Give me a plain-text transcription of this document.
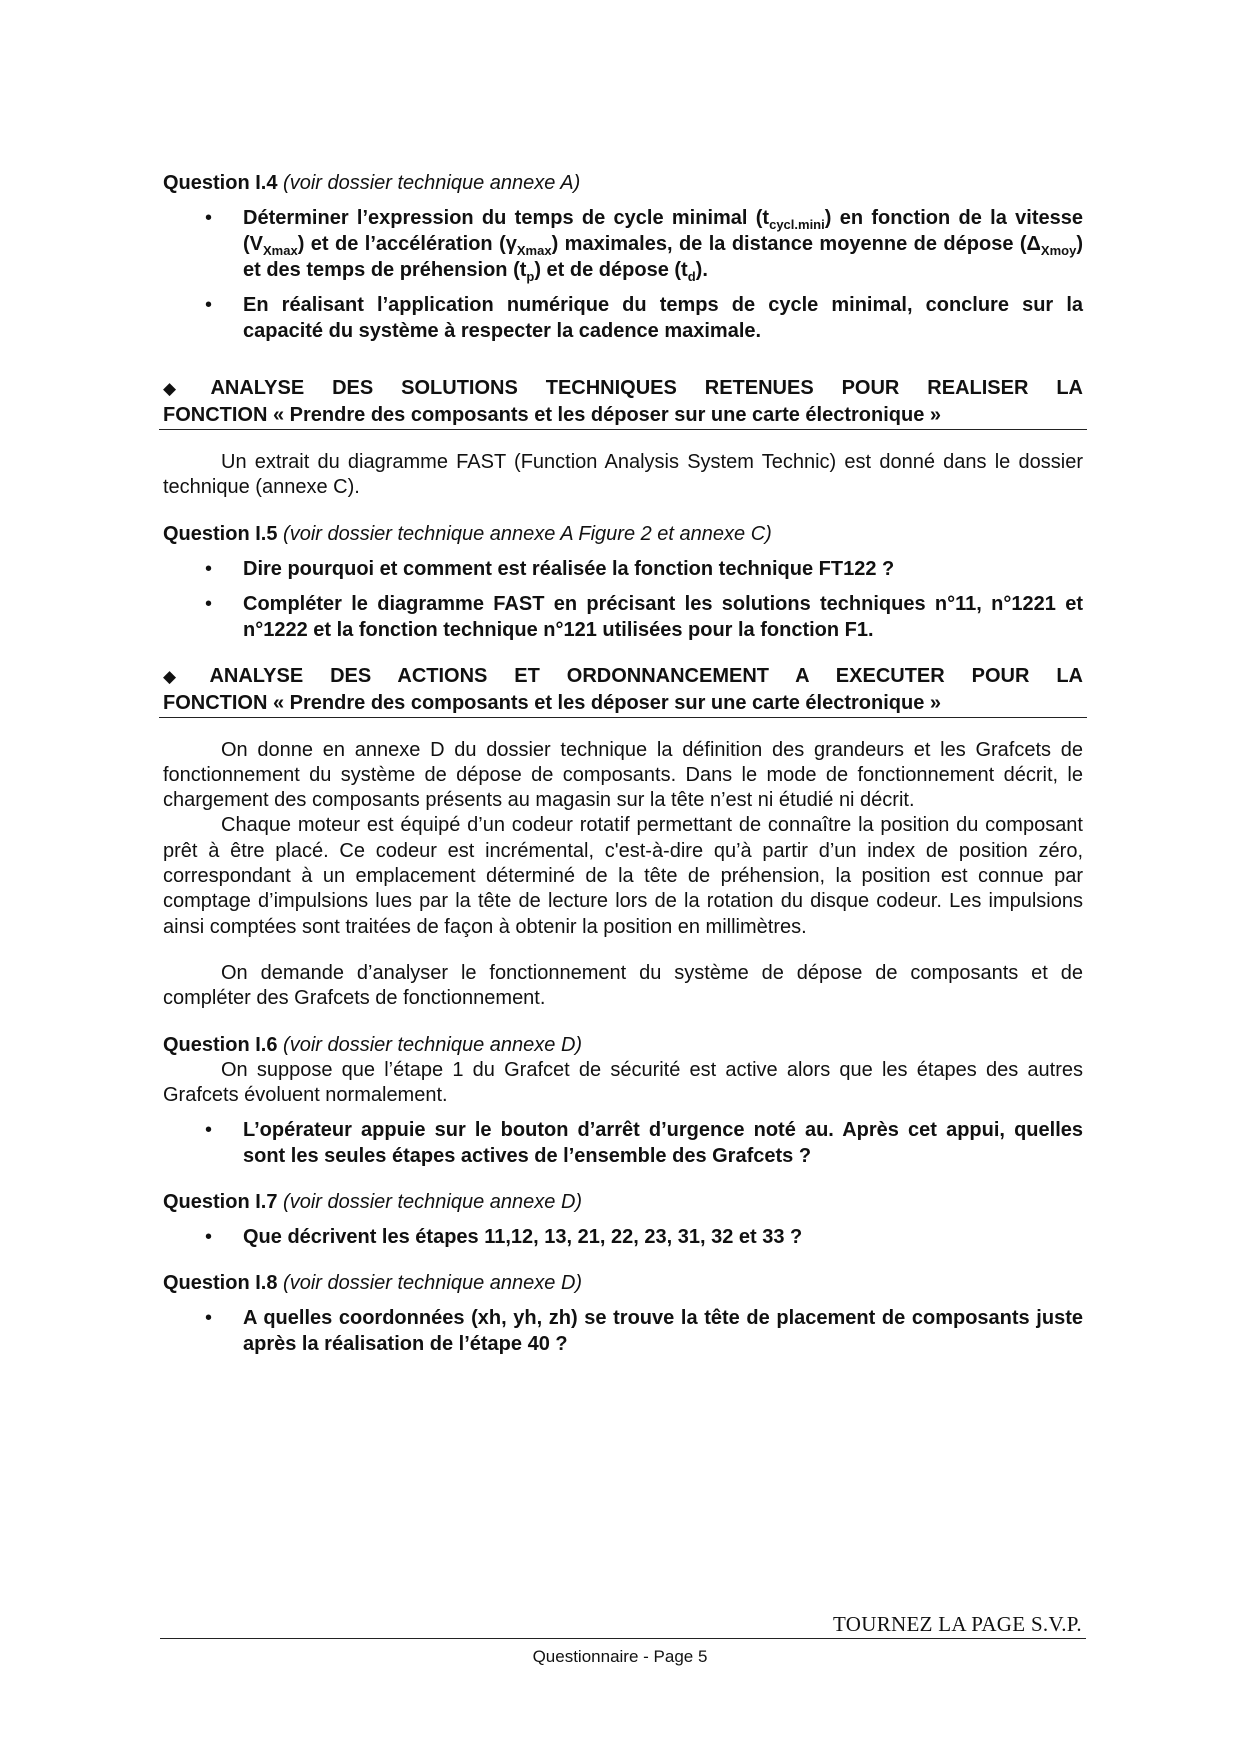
Question I.4 (voir dossier technique annexe A)

• Déterminer l’expression du temps de cycle minimal $(t_{cycl.mini})$ en fonction de la vitesse $(V_{Xmax})$ et de l’accélération $(\gamma_{Xmax})$ maximales, de la distance moyenne de dépose $(\Delta_{Xmoy})$ et des temps de préhension $(t_p)$ et de dépose $(t_d)$.
• En réalisant l’application numérique du temps de cycle minimal, conclure sur la capacité du système à respecter la cadence maximale.

◆ ANALYSE DES SOLUTIONS TECHNIQUES RETENUES POUR REALISER LA

FONCTION « Prendre des composants et les déposer sur une carte électronique »

Un extrait du diagramme FAST (Function Analysis System Technic) est donné dans le dossier technique (annexe C).

Question I.5 (voir dossier technique annexe A Figure 2 et annexe C)

• Dire pourquoi et comment est réalisée la fonction technique FT122 ?
• Compléter le diagramme FAST en précisant les solutions techniques n°11, n°1221 et n°1222 et la fonction technique n°121 utilisées pour la fonction F1.

◆ ANALYSE DES ACTIONS ET ORDONNANCEMENT A EXECUTER POUR LA

FONCTION « Prendre des composants et les déposer sur une carte électronique »

On donne en annexe D du dossier technique la définition des grandeurs et les Grafcets de fonctionnement du système de dépose de composants. Dans le mode de fonctionnement décrit, le chargement des composants présents au magasin sur la tête n’est ni étudié ni décrit.

Chaque moteur est équipé d’un codeur rotatif permettant de connaître la position du composant prêt à être placé. Ce codeur est incrémental, c'est-à-dire qu’à partir d’un index de position zéro, correspondant à un emplacement déterminé de la tête de préhension, la position est connue par comptage d’impulsions lues par la tête de lecture lors de la rotation du disque codeur. Les impulsions ainsi comptées sont traitées de façon à obtenir la position en millimètres.

On demande d’analyser le fonctionnement du système de dépose de composants et de compléter des Grafcets de fonctionnement.

Question I.6 (voir dossier technique annexe D)

On suppose que l’étape 1 du Grafcet de sécurité est active alors que les étapes des autres Grafcets évoluent normalement.

• L’opérateur appuie sur le bouton d’arrêt d’urgence noté au. Après cet appui, quelles sont les seules étapes actives de l’ensemble des Grafcets ?

Question I.7 (voir dossier technique annexe D)

• Que décrivent les étapes 11,12, 13, 21, 22, 23, 31, 32 et 33 ?

Question I.8 (voir dossier technique annexe D)

• A quelles coordonnées (xh, yh, zh) se trouve la tête de placement de composants juste après la réalisation de l’étape 40 ?
TOURNEZ LA PAGE S.V.P.
Questionnaire - Page 5
